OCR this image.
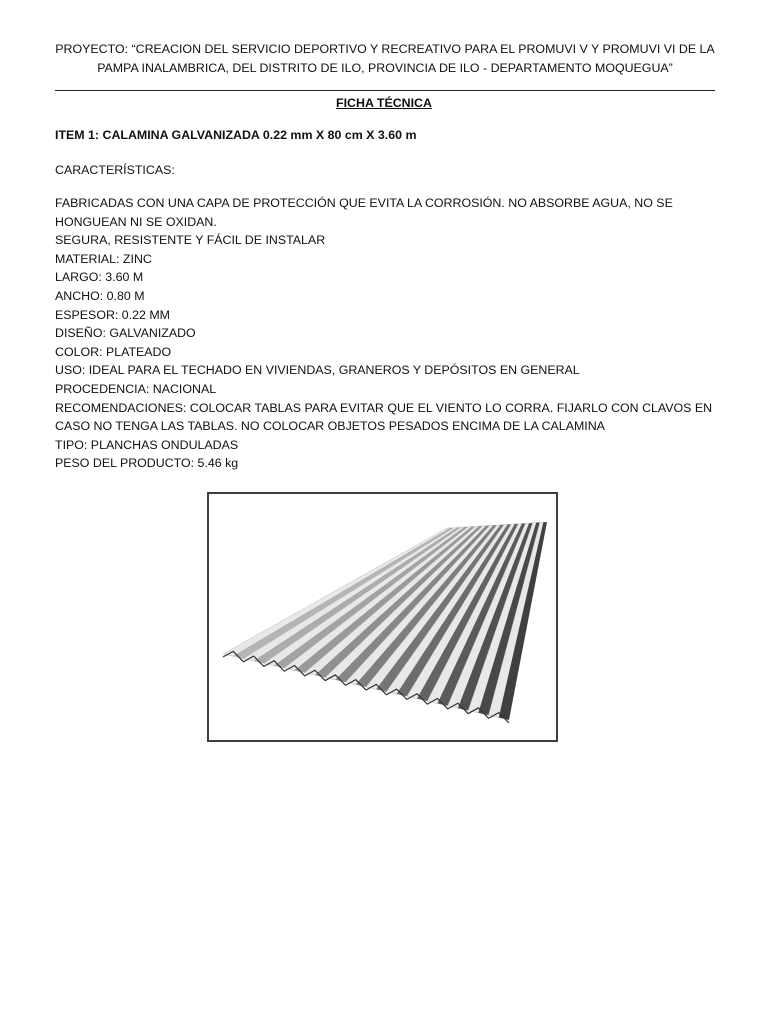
PROYECTO: “CREACION DEL SERVICIO DEPORTIVO Y RECREATIVO PARA EL PROMUVI V Y PROMUVI VI DE LA
PAMPA INALAMBRICA, DEL DISTRITO DE ILO, PROVINCIA DE ILO - DEPARTAMENTO MOQUEGUA”
FICHA TÉCNICA
ITEM 1: CALAMINA GALVANIZADA 0.22 mm X 80 cm X 3.60 m
CARACTERÍSTICAS:
FABRICADAS CON UNA CAPA DE PROTECCIÓN QUE EVITA LA CORROSIÓN. NO ABSORBE AGUA, NO SE HONGUEAN NI SE OXIDAN.
SEGURA, RESISTENTE Y FÁCIL DE INSTALAR
MATERIAL: ZINC
LARGO: 3.60 M
ANCHO: 0.80 M
ESPESOR: 0.22 MM
DISEÑO: GALVANIZADO
COLOR: PLATEADO
USO: IDEAL PARA EL TECHADO EN VIVIENDAS, GRANEROS Y DEPÓSITOS EN GENERAL
PROCEDENCIA: NACIONAL
RECOMENDACIONES: COLOCAR TABLAS PARA EVITAR QUE EL VIENTO LO CORRA. FIJARLO CON CLAVOS EN CASO NO TENGA LAS TABLAS. NO COLOCAR OBJETOS PESADOS ENCIMA DE LA CALAMINA
TIPO: PLANCHAS ONDULADAS
PESO DEL PRODUCTO: 5.46 kg
